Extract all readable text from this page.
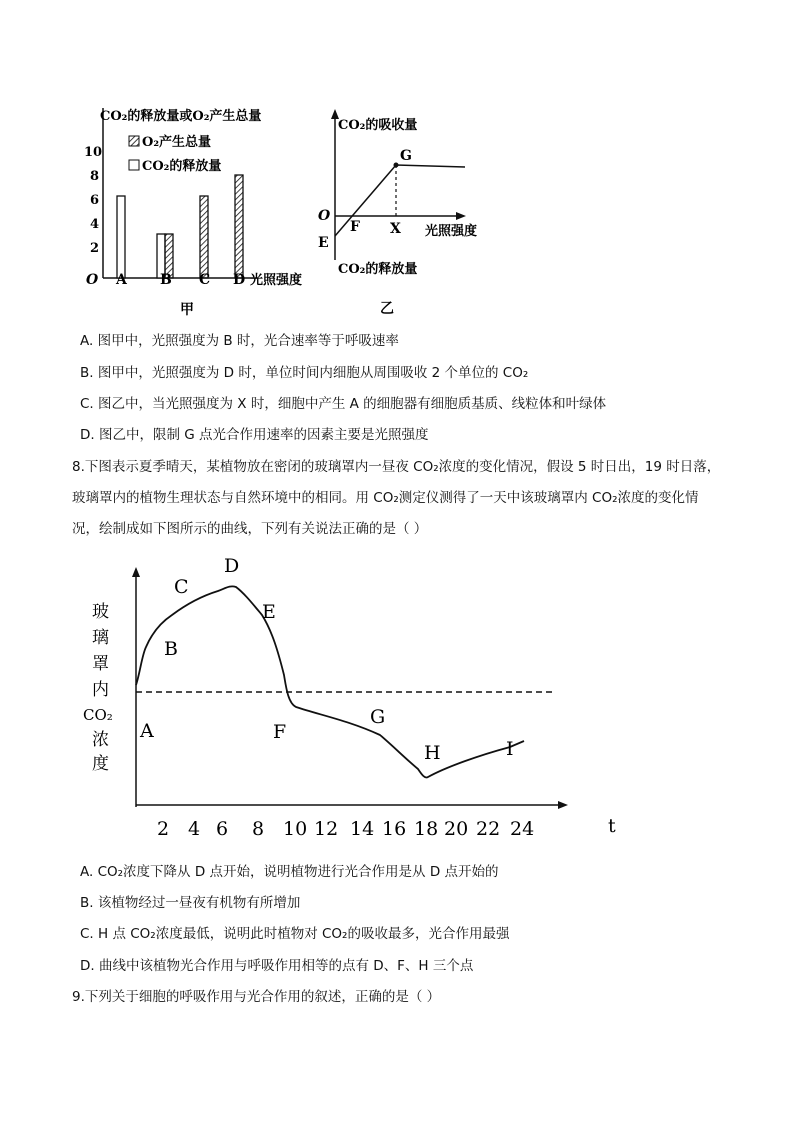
CO₂的释放量或O₂产生总量
O₂产生总量
CO₂的释放量
10
8
6
4
2
O A B C D 光照强度
甲
CO₂的吸收量
CO₂的释放量
O
E
F X
G
光照强度
乙
A. 图甲中，光照强度为 B 时，光合速率等于呼吸速率
B. 图甲中，光照强度为 D 时，单位时间内细胞从周围吸收 2 个单位的 CO₂
C. 图乙中，当光照强度为 X 时，细胞中产生 A 的细胞器有细胞质基质、线粒体和叶绿体
D. 图乙中，限制 G 点光合作用速率的因素主要是光照强度
8.下图表示夏季晴天，某植物放在密闭的玻璃罩内一昼夜 CO₂浓度的变化情况，假设 5 时日出，19 时日落，
玻璃罩内的植物生理状态与自然环境中的相同。用 CO₂测定仪测得了一天中该玻璃罩内 CO₂浓度的变化情
况，绘制成如下图所示的曲线，下列有关说法正确的是（ ）
玻
璃
罩
内
CO₂
浓
度
A
B
C
D
E
F
G
H	I
2 4 6 8 10 12 14 16 18 20 22 24	t
A. CO₂浓度下降从 D 点开始，说明植物进行光合作用是从 D 点开始的
B. 该植物经过一昼夜有机物有所增加
C. H 点 CO₂浓度最低，说明此时植物对 CO₂的吸收最多，光合作用最强
D. 曲线中该植物光合作用与呼吸作用相等的点有 D、F、H 三个点
9.下列关于细胞的呼吸作用与光合作用的叙述，正确的是（ ）
